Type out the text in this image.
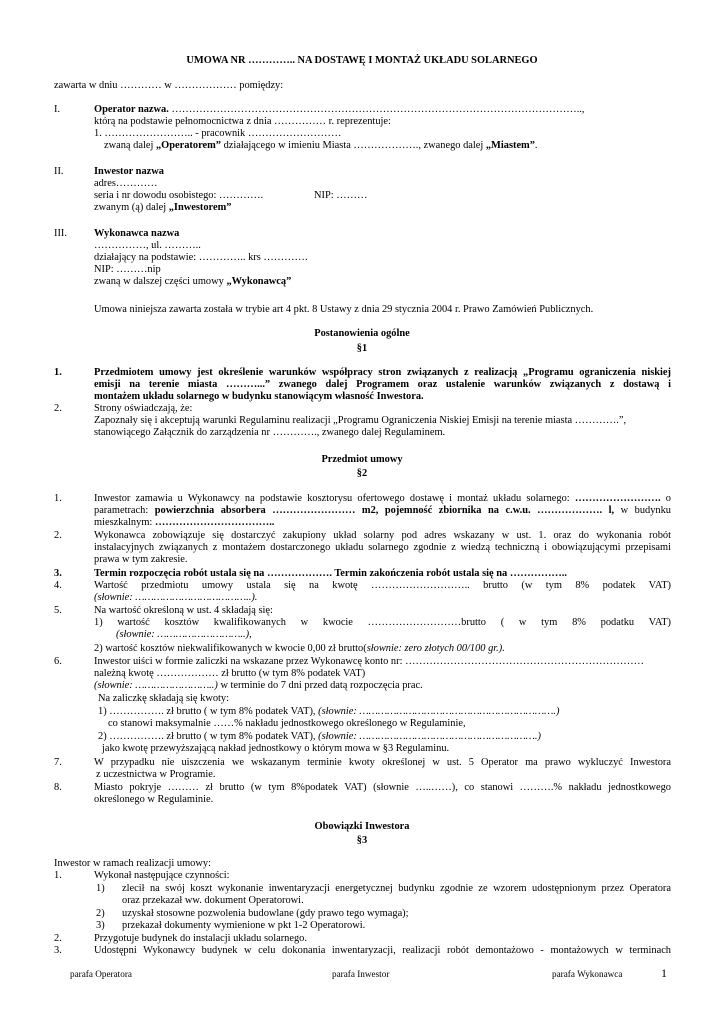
UMOWA NR ………….. NA DOSTAWĘ I MONTAŻ UKŁADU SOLARNEGO
zawarta w dniu ………… w ……………… pomiędzy:
I.	Operator nazwa. ………………………………………………………………………………………………………..,
którą na podstawie pełnomocnictwa z dnia …………… r. reprezentuje:
1. …………………….. - pracownik ………………………
zwaną dalej „Operatorem” działającego w imieniu Miasta ………………., zwanego dalej „Miastem”.
II.	Inwestor nazwa
adres…………
seria i nr dowodu osobistego: ………….	NIP: ………
zwanym (ą) dalej „Inwestorem”
III.	Wykonawca nazwa
……………, ul. ………..
działający na podstawie: ………….. krs ………….
NIP: ………nip
zwaną w dalszej części umowy „Wykonawcą”
Umowa niniejsza zawarta została w trybie art 4 pkt. 8 Ustawy z dnia 29 stycznia 2004 r. Prawo Zamówień Publicznych.
Postanowienia ogólne
§1
1.	Przedmiotem umowy jest określenie warunków współpracy stron związanych z realizacją „Programu ograniczenia niskiej
emisji na terenie miasta ………...” zwanego dalej Programem oraz ustalenie warunków związanych z dostawą i
montażem układu solarnego w budynku stanowiącym własność Inwestora.
2.	Strony oświadczają, że:
Zapoznały się i akceptują warunki Regulaminu realizacji „Programu Ograniczenia Niskiej Emisji na terenie miasta ………….”,
stanowiącego Załącznik do zarządzenia nr …………., zwanego dalej Regulaminem.
Przedmiot umowy
§2
1.	Inwestor zamawia u Wykonawcy na podstawie kosztorysu ofertowego dostawę i montaż układu solarnego: ……………………. o
parametrach: powierzchnia absorbera …………………… m2, pojemność zbiornika na c.w.u. ………………. l, w budynku
mieszkalnym: ……………………………..
2.	Wykonawca zobowiązuje się dostarczyć zakupiony układ solarny pod adres wskazany w ust. 1. oraz do wykonania robót
instalacyjnych związanych z montażem dostarczonego układu solarnego zgodnie z wiedzą techniczną i obowiązującymi przepisami
prawa w tym zakresie.
3.	Termin rozpoczęcia robót ustala się na ………………. Termin zakończenia robót ustala się na ……………..
4.	Wartość przedmiotu umowy ustala się na kwotę ……………………….. brutto (w tym 8% podatek VAT)
(słownie: ………………………………..).
5.	Na wartość określoną w ust. 4 składają się:
1) wartość kosztów kwalifikowanych w kwocie ………………………brutto ( w tym 8% podatku VAT)
(słownie: ………………………..),
2) wartość kosztów niekwalifikowanych w kwocie 0,00 zł brutto(słownie: zero złotych 00/100 gr.).
6.	Inwestor uiści w formie zaliczki na wskazane przez Wykonawcę konto nr: ……………………………………………………………
należną kwotę ……………… zł brutto (w tym 8% podatek VAT)
(słownie: ……………………..) w terminie do 7 dni przed datą rozpoczęcia prac.
Na zaliczkę składają się kwoty:
1) ……………. zł brutto ( w tym 8% podatek VAT), (słownie: ……………………………………………………….)
co stanowi maksymalnie ……% nakładu jednostkowego określonego w Regulaminie,
2) ……………. zł brutto ( w tym 8% podatek VAT), (słownie: ………………………………………………….)
jako kwotę przewyższającą nakład jednostkowy o którym mowa w §3 Regulaminu.
7.	W przypadku nie uiszczenia we wskazanym terminie kwoty określonej w ust. 5 Operator ma prawo wykluczyć Inwestora
z uczestnictwa w Programie.
8.	Miasto pokryje ……… zł brutto (w tym 8%podatek VAT) (słownie …..……), co stanowi ……….% nakładu jednostkowego
określonego w Regulaminie.
Obowiązki Inwestora
§3
Inwestor w ramach realizacji umowy:
1.	Wykonał następujące czynności:
1) zlecił na swój koszt wykonanie inwentaryzacji energetycznej budynku zgodnie ze wzorem udostępnionym przez Operatora
oraz przekazał ww. dokument Operatorowi.
2) uzyskał stosowne pozwolenia budowlane (gdy prawo tego wymaga);
3) przekazał dokumenty wymienione w pkt 1-2 Operatorowi.
2.	Przygotuje budynek do instalacji układu solarnego.
3.	Udostępni Wykonawcy budynek w celu dokonania inwentaryzacji, realizacji robót demontażowo - montażowych w terminach
parafa Operatora	parafa Inwestor	parafa Wykonawca	1
